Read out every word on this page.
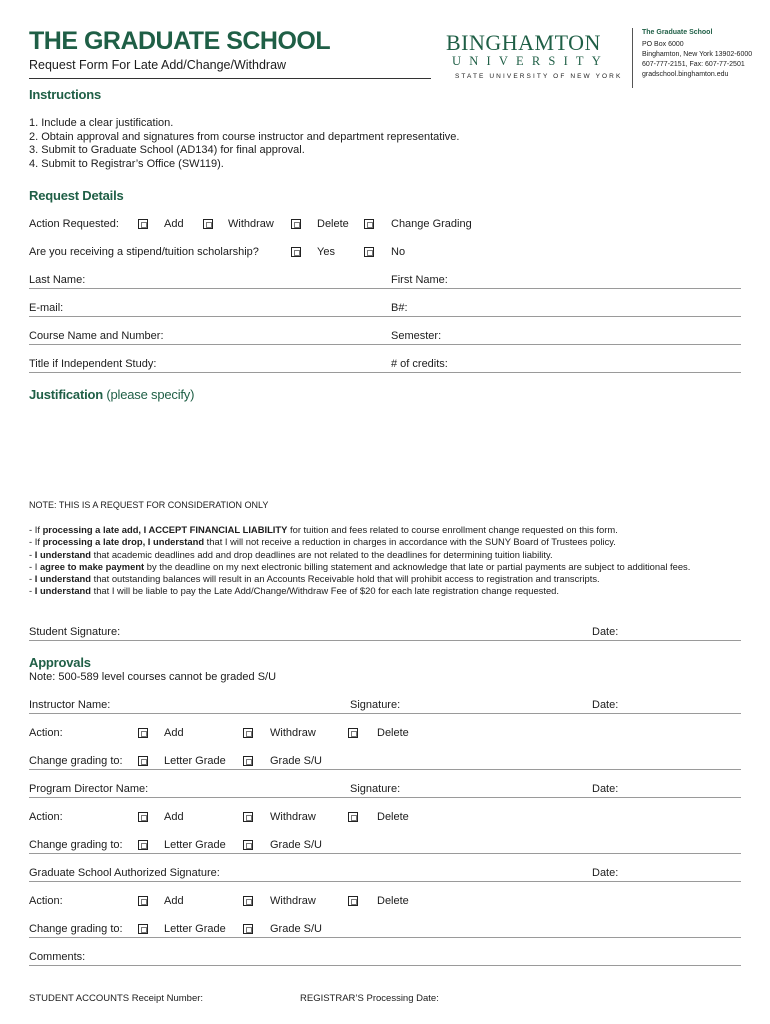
THE GRADUATE SCHOOL
Request Form For Late Add/Change/Withdraw
BINGHAMTON
UNIVERSITY
STATE UNIVERSITY OF NEW YORK
The Graduate School
PO Box 6000
Binghamton, New York 13902-6000
607-777-2151, Fax: 607-77-2501
gradschool.binghamton.edu
Instructions
1. Include a clear justification.
2. Obtain approval and signatures from course instructor and department representative.
3. Submit to Graduate School (AD134) for final approval.
4. Submit to Registrar’s Office (SW119).
Request Details
Action Requested:	Add	Withdraw	Delete	Change Grading
Are you receiving a stipend/tuition scholarship?	Yes	No
Last Name:	First Name:
E-mail:	B#:
Course Name and Number:	Semester:
Title if Independent Study:	# of credits:
Justification (please specify)
NOTE: THIS IS A REQUEST FOR CONSIDERATION ONLY
- If processing a late add, I ACCEPT FINANCIAL LIABILITY for tuition and fees related to course enrollment change requested on this form.
- If processing a late drop, I understand that I will not receive a reduction in charges in accordance with the SUNY Board of Trustees policy.
- I understand that academic deadlines add and drop deadlines are not related to the deadlines for determining tuition liability.
- I agree to make payment by the deadline on my next electronic billing statement and acknowledge that late or partial payments are subject to additional fees.
- I understand that outstanding balances will result in an Accounts Receivable hold that will prohibit access to registration and transcripts.
- I understand that I will be liable to pay the Late Add/Change/Withdraw Fee of $20 for each late registration change requested.
Student Signature:	Date:
Approvals
Note: 500-589 level courses cannot be graded S/U
Instructor Name:	Signature:	Date:
Action:	Add	Withdraw	Delete
Change grading to:	Letter Grade	Grade S/U
Program Director Name:	Signature:	Date:
Action:	Add	Withdraw	Delete
Change grading to:	Letter Grade	Grade S/U
Graduate School Authorized Signature:	Date:
Action:	Add	Withdraw	Delete
Change grading to:	Letter Grade	Grade S/U
Comments:
STUDENT ACCOUNTS Receipt Number:	REGISTRAR’S Processing Date:
